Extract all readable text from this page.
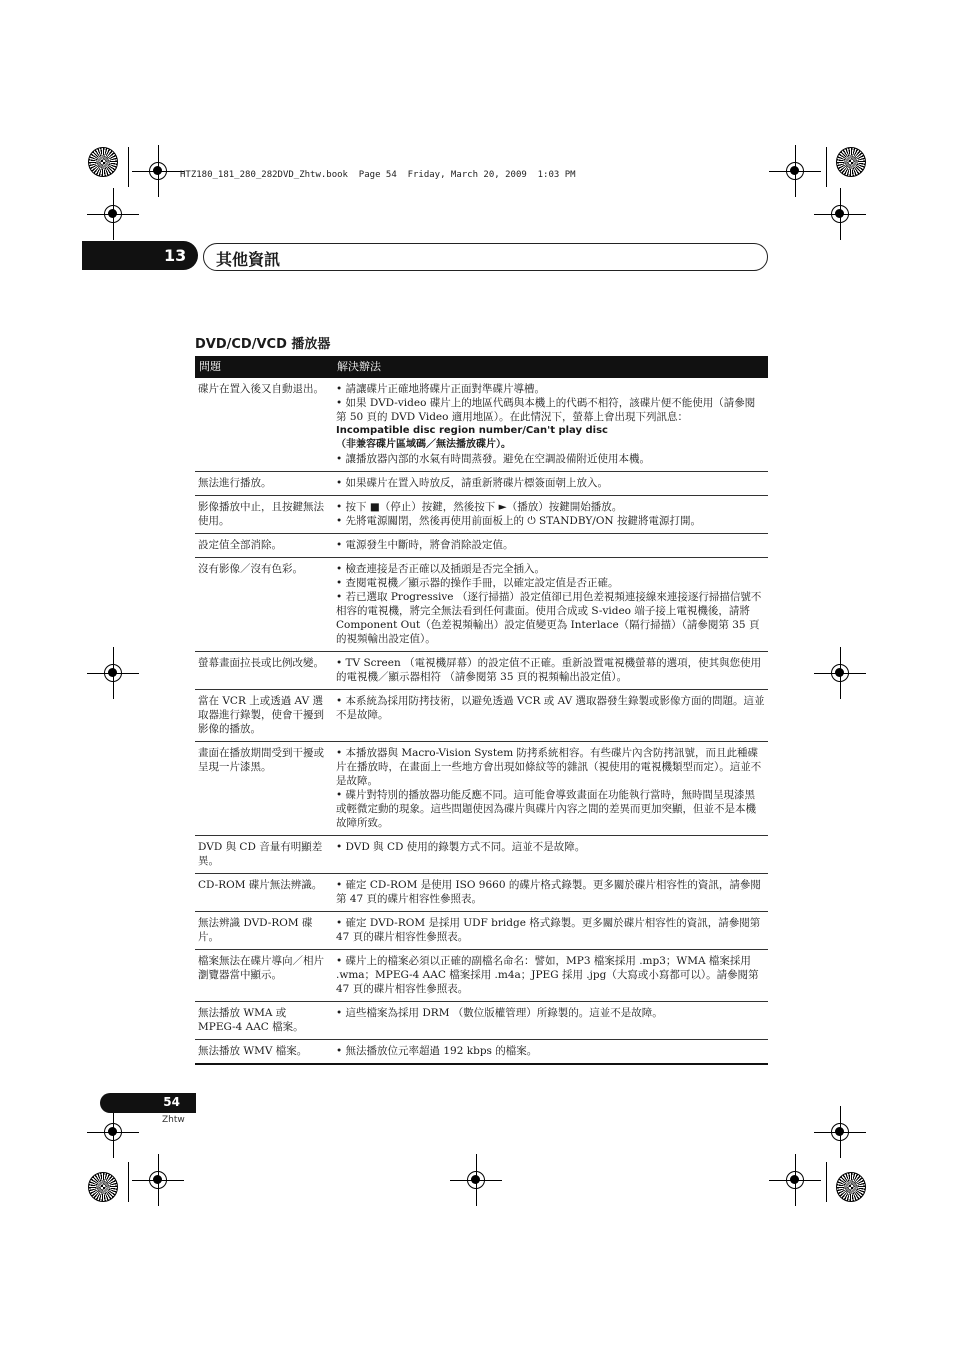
HTZ180_181_280_282DVD_Zhtw.book  Page 54  Friday, March 20, 2009  1:03 PM
13 其他資訊
DVD/CD/VCD 播放器
問題	解決辦法
碟片在置入後又自動退出。	• 請讓碟片正確地將碟片正面對準碟片導槽。
• 如果 DVD-video 碟片上的地區代碼與本機上的代碼不相符，該碟片便不能使用（請參閱第 50 頁的 DVD Video 適用地區）。在此情況下，螢幕上會出現下列訊息：
Incompatible disc region number/Can't play disc
（非兼容碟片區域碼／無法播放碟片）。
• 讓播放器內部的水氣有時間蒸發。避免在空調設備附近使用本機。

無法進行播放。	• 如果碟片在置入時放反，請重新將碟片標簽面朝上放入。

影像播放中止，且按鍵無法使用。	• 按下 ■（停止）按鍵，然後按下 ►（播放）按鍵開始播放。
• 先將電源關閉，然後再使用前面板上的 ⏻ STANDBY/ON 按鍵將電源打開。

設定值全部消除。	• 電源發生中斷時，將會消除設定值。

沒有影像／沒有色彩。	• 檢查連接是否正確以及插頭是否完全插入。
• 查閱電視機／顯示器的操作手冊，以確定設定值是否正確。
• 若已選取 Progressive （逐行掃描）設定值卻已用色差視頻連接線來連接逐行掃描信號不相容的電視機，將完全無法看到任何畫面。使用合成或 S-video 端子接上電視機後，請將 Component Out（色差視頻輸出）設定值變更為 Interlace（隔行掃描）（請參閱第 35 頁的視頻輸出設定值）。

螢幕畫面拉長或比例改變。	• TV Screen （電視機屏幕）的設定值不正確。重新設置電視機螢幕的選項，使其與您使用的電視機／顯示器相符 （請參閱第 35 頁的視頻輸出設定值）。

當在 VCR 上或透過 AV 選取器進行錄製，使會干擾到影像的播放。	• 本系統為採用防拷技術，以避免透過 VCR 或 AV 選取器發生錄製或影像方面的問題。這並不是故障。

畫面在播放期間受到干擾或呈現一片漆黑。	• 本播放器與 Macro-Vision System 防拷系統相容。有些碟片內含防拷訊號，而且此種碟片在播放時，在畫面上一些地方會出現如條紋等的雜訊（視使用的電視機類型而定）。這並不是故障。
• 碟片對特別的播放器功能反應不同。這可能會導致畫面在功能執行當時，無時間呈現漆黑或輕微定動的現象。這些問題使因為碟片與碟片內容之間的差異而更加突顯，但並不是本機故障所致。

DVD 與 CD 音量有明顯差異。	• DVD 與 CD 使用的錄製方式不同。這並不是故障。

CD-ROM 碟片無法辨識。	• 確定 CD-ROM 是使用 ISO 9660 的碟片格式錄製。更多關於碟片相容性的資訊，請參閱第 47 頁的碟片相容性參照表。

無法辨識 DVD-ROM 碟片。	• 確定 DVD-ROM 是採用 UDF bridge 格式錄製。更多關於碟片相容性的資訊，請參閱第 47 頁的碟片相容性參照表。

檔案無法在碟片導向／相片瀏覽器當中顯示。	• 碟片上的檔案必須以正確的副檔名命名：譬如，MP3 檔案採用 .mp3；WMA 檔案採用 .wma；MPEG-4 AAC 檔案採用 .m4a；JPEG 採用 .jpg（大寫或小寫都可以）。請參閱第 47 頁的碟片相容性參照表。

無法播放 WMA 或 MPEG-4 AAC 檔案。	• 這些檔案為採用 DRM （數位版權管理）所錄製的。這並不是故障。

無法播放 WMV 檔案。	• 無法播放位元率超過 192 kbps 的檔案。
54
Zhtw
